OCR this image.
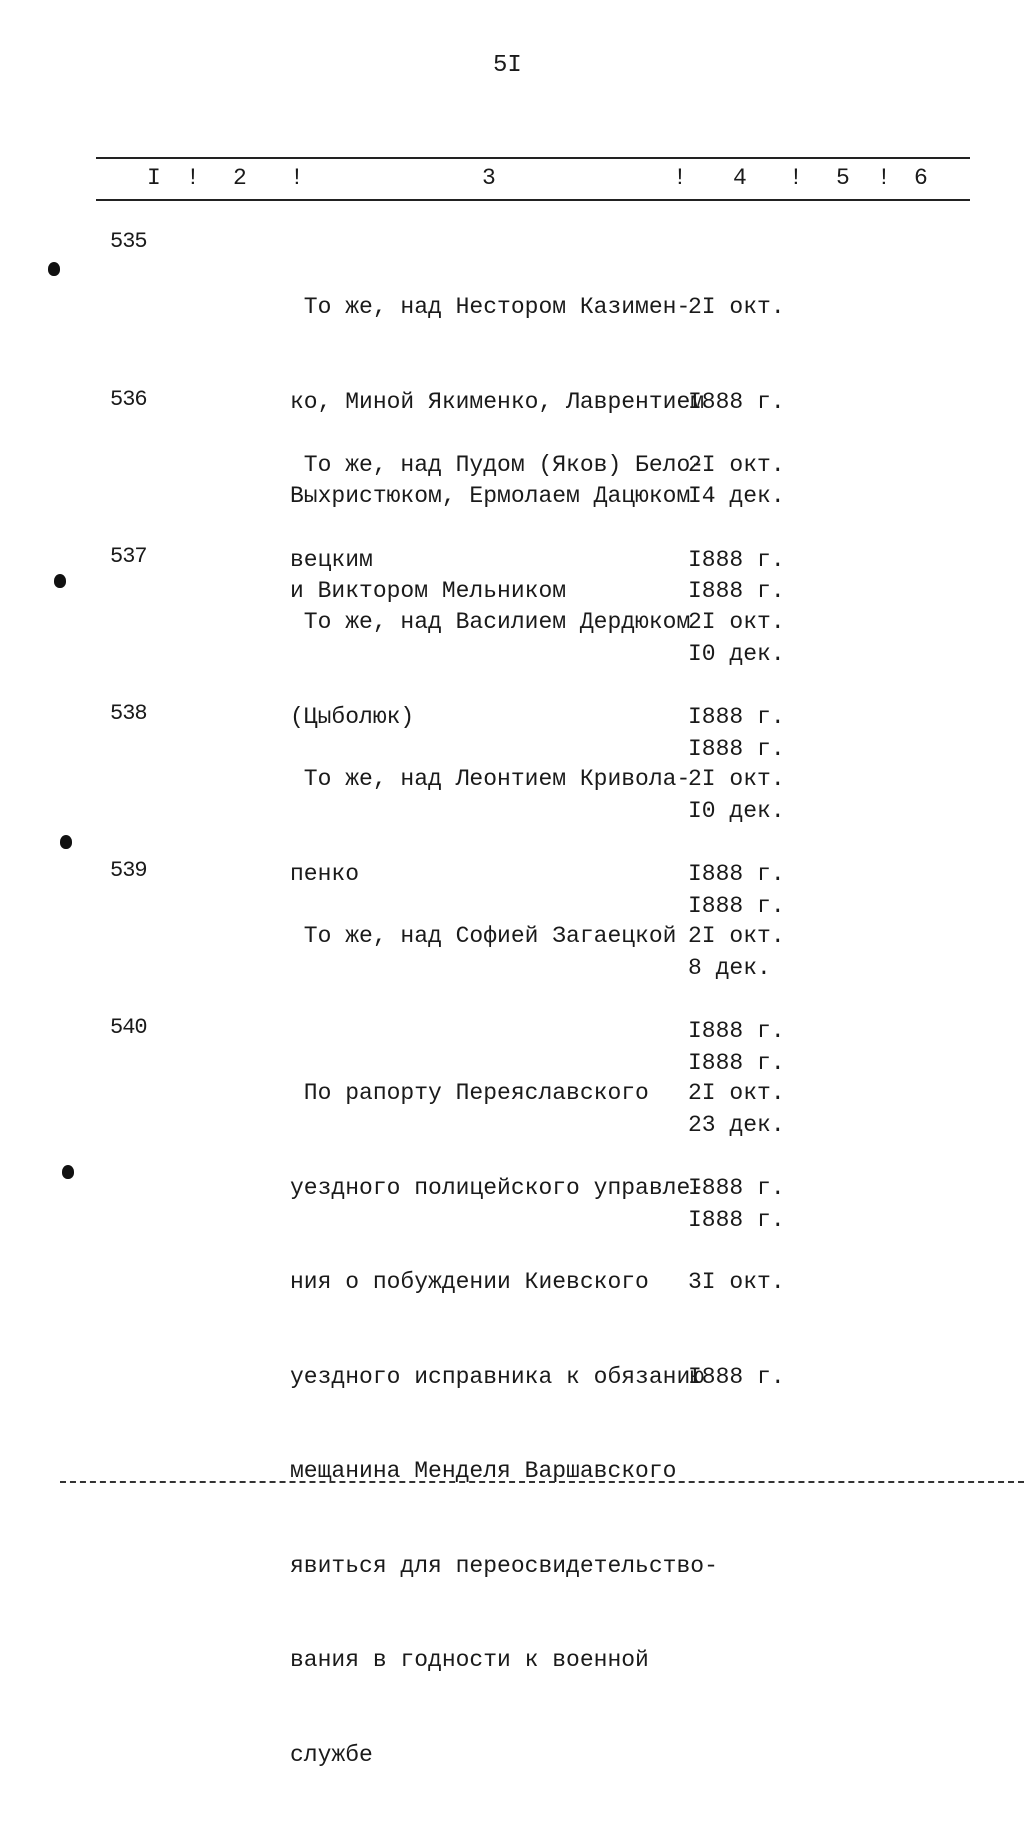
5I
I ! 2 !	3	! 4 ! 5 ! 6
535

То же, над Нестором Казимен-

ко, Миной Якименко, Лаврентием

Выхристюком, Ермолаем Дацюком

и Виктором Мельником

2I окт.

I888 г.

I4 дек.

I888 г.

536

То же, над Пудом (Яков) Бело-

вецким

2I окт.

I888 г.

I0 дек.

I888 г.

537

То же, над Василием Дердюком

(Цыболюк)

2I окт.

I888 г.

I0 дек.

I888 г.

538

То же, над Леонтием Кривола-

пенко

2I окт.

I888 г.

8 дек.

I888 г.

539

То же, над Софией Загаецкой

2I окт.

I888 г.

23 дек.

I888 г.

540

По рапорту Переяславского

уездного полицейского управле-

ния о побуждении Киевского

уездного исправника к обязанию

мещанина Менделя Варшавского

явиться для переосвидетельство-

вания в годности к военной

службе

2I окт.

I888 г.

3I окт.

I888 г.
